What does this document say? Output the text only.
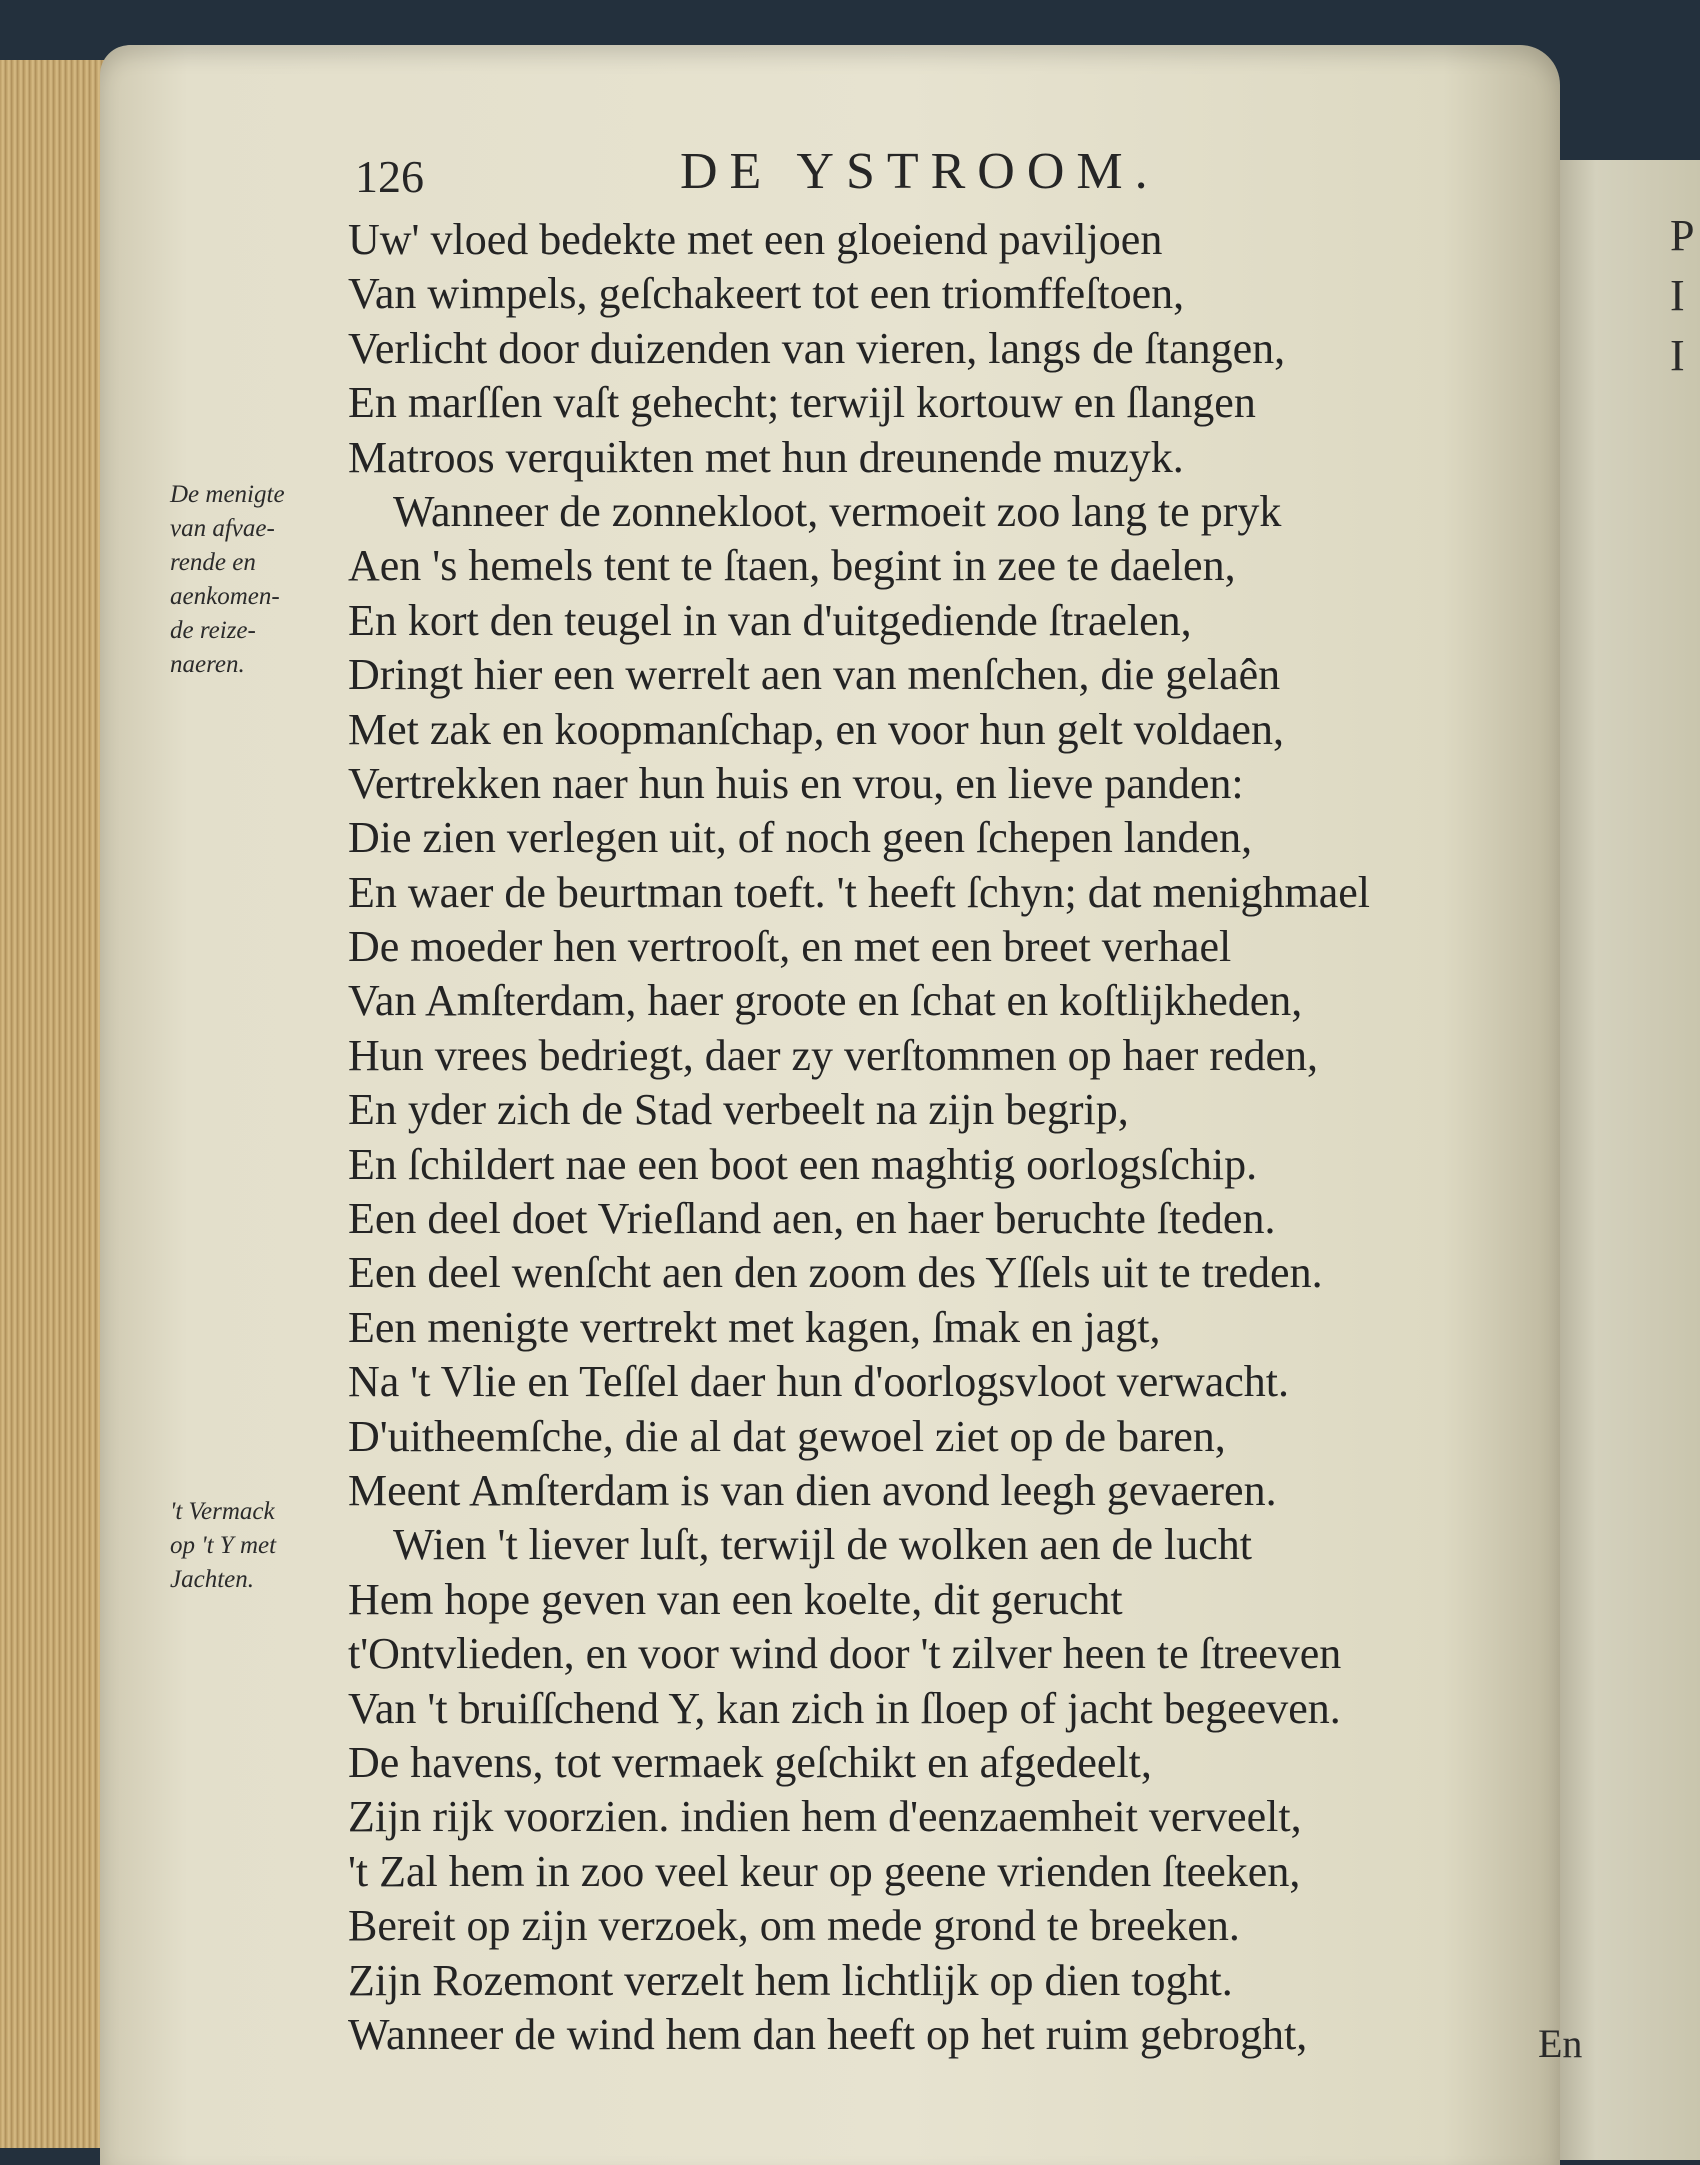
P
I
I
126	DE YSTROOM.
De menigte
van afvae-
rende en
aenkomen-
de reize-
naeren.
't Vermack
op 't Y met
Jachten.
Uw' vloed bedekte met een gloeiend paviljoen
Van wimpels, geſchakeert tot een triomffeſtoen,
Verlicht door duizenden van vieren, langs de ſtangen,
En marſſen vaſt gehecht; terwijl kortouw en ſlangen
Matroos verquikten met hun dreunende muzyk.
Wanneer de zonnekloot, vermoeit zoo lang te pryk
Aen 's hemels tent te ſtaen, begint in zee te daelen,
En kort den teugel in van d'uitgediende ſtraelen,
Dringt hier een werrelt aen van menſchen, die gelaên
Met zak en koopmanſchap, en voor hun gelt voldaen,
Vertrekken naer hun huis en vrou, en lieve panden:
Die zien verlegen uit, of noch geen ſchepen landen,
En waer de beurtman toeft. 't heeft ſchyn; dat menighmael
De moeder hen vertrooſt, en met een breet verhael
Van Amſterdam, haer groote en ſchat en koſtlijkheden,
Hun vrees bedriegt, daer zy verſtommen op haer reden,
En yder zich de Stad verbeelt na zijn begrip,
En ſchildert nae een boot een maghtig oorlogsſchip.
Een deel doet Vrieſland aen, en haer beruchte ſteden.
Een deel wenſcht aen den zoom des Yſſels uit te treden.
Een menigte vertrekt met kagen, ſmak en jagt,
Na 't Vlie en Teſſel daer hun d'oorlogsvloot verwacht.
D'uitheemſche, die al dat gewoel ziet op de baren,
Meent Amſterdam is van dien avond leegh gevaeren.
Wien 't liever luſt, terwijl de wolken aen de lucht
Hem hope geven van een koelte, dit gerucht
t'Ontvlieden, en voor wind door 't zilver heen te ſtreeven
Van 't bruiſſchend Y, kan zich in ſloep of jacht begeeven.
De havens, tot vermaek geſchikt en afgedeelt,
Zijn rijk voorzien. indien hem d'eenzaemheit verveelt,
't Zal hem in zoo veel keur op geene vrienden ſteeken,
Bereit op zijn verzoek, om mede grond te breeken.
Zijn Rozemont verzelt hem lichtlijk op dien toght.
Wanneer de wind hem dan heeft op het ruim gebroght,	En
